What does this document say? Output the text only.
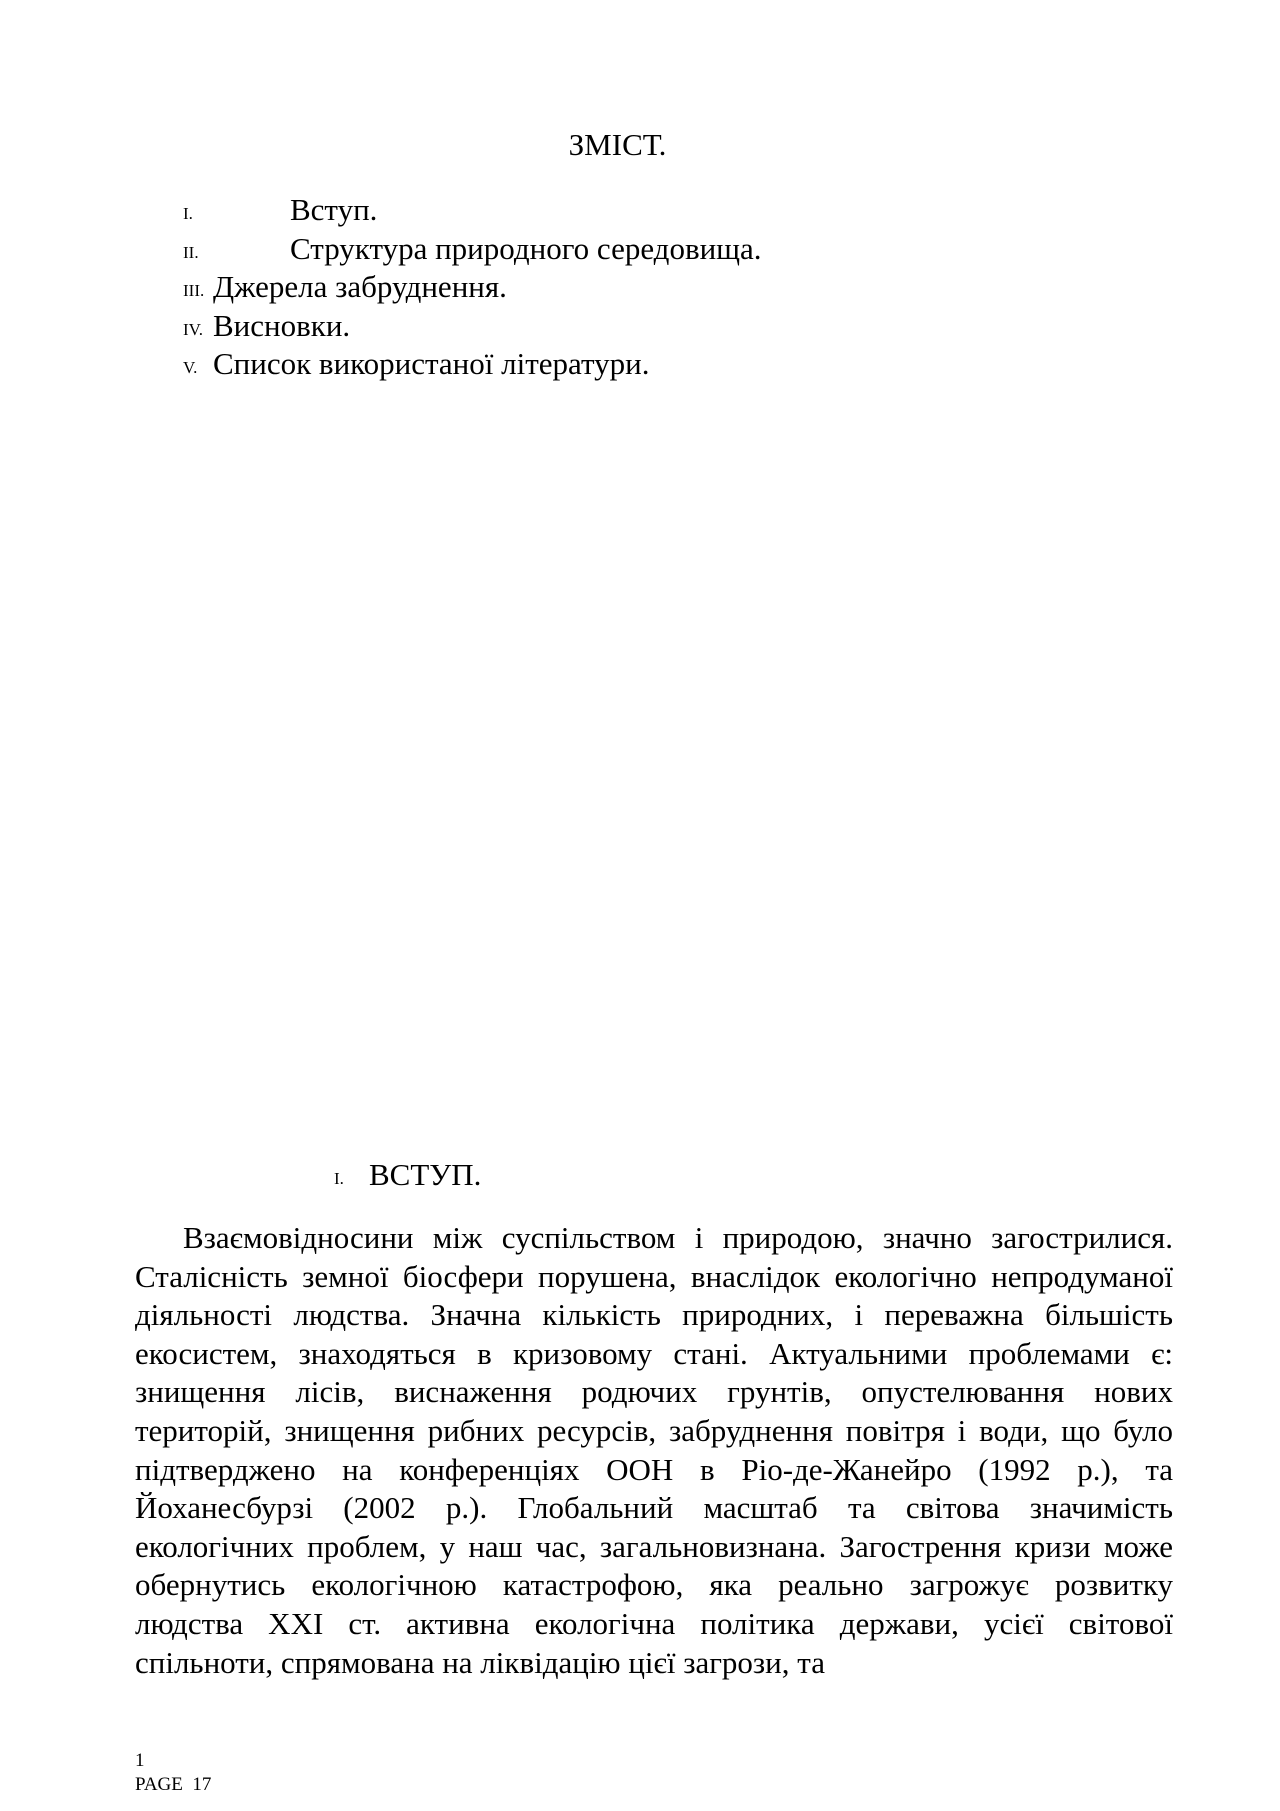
ЗМІСТ.
I.	Вступ.
II.	Структура природного середовища.
III. Джерела забруднення.
IV. Висновки.
V. Список використаної літератури.
I. ВСТУП.

Взаємовідносини між суспільством і природою, значно загострилися. Сталісність земної біосфери порушена, внаслідок екологічно непродуманої діяльності людства. Значна кількість природних, і переважна більшість екосистем, знаходяться в кризовому стані. Актуальними проблемами є: знищення лісів, виснаження родючих грунтів, опустелювання нових територій, знищення рибних ресурсів, забруднення повітря і води, що було підтверджено на конференціях ООН в Ріо-де-Жанейро (1992 р.), та Йоханесбурзі (2002 р.). Глобальний масштаб та світова значимість екологічних проблем, у наш час, загальновизнана. Загострення кризи може обернутись екологічною катастрофою, яка реально загрожує розвитку людства XXI ст. активна екологічна політика держави, усієї світової спільноти, спрямована на ліквідацію цієї загрози, та

1
PAGE  17
